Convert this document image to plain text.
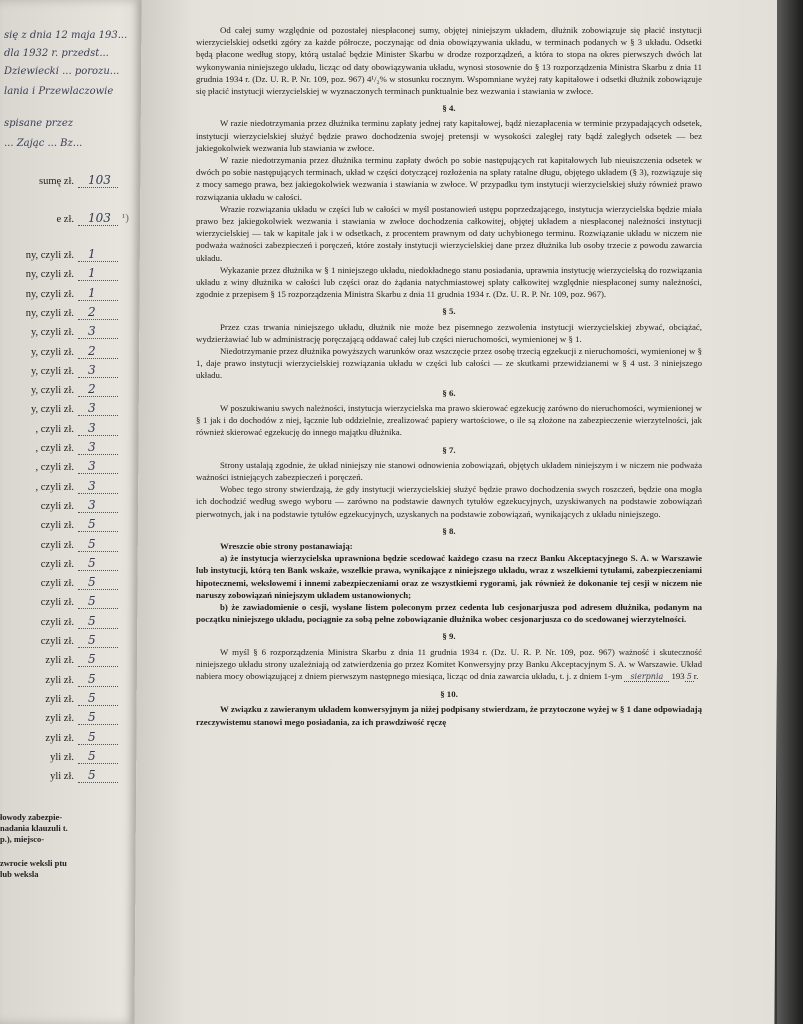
się z dnia 12 maja 193...
dla 1932 r. przedst...
Dziewiecki ... porozu...
lania i Przewlaczowie
spisane przez
... Zając ... Bz...
sumę zł. 103
e zł. 103 ¹)
ny, czyli zł. 1
ny, czyli zł. 1
ny, czyli zł. 1
ny, czyli zł. 2
y, czyli zł. 3
y, czyli zł. 2
y, czyli zł. 3
y, czyli zł. 2
y, czyli zł. 3
, czyli zł. 3
, czyli zł. 3
, czyli zł. 3
, czyli zł. 3
czyli zł. 3
czyli zł. 5
czyli zł. 5
czyli zł. 5
czyli zł. 5
czyli zł. 5
czyli zł. 5
czyli zł. 5
zyli zł. 5
zyli zł. 5
zyli zł. 5
zyli zł. 5
zyli zł. 5
yli zł. 5
yli zł. 5
łowody zabezpie- nadania klauzuli t. p.), miejsco-
zwrocie weksli ptu lub weksla

Od całej sumy względnie od pozostałej niespłaconej sumy, objętej niniejszym układem, dłużnik zobowiązuje się płacić instytucji wierzycielskiej odsetki zgóry za każde półrocze, poczynając od dnia obowiązywania układu, w terminach podanych w § 3 układu. Odsetki będą płacone według stopy, którą ustalać będzie Minister Skarbu w drodze rozporządzeń, a która to stopa na okres pierwszych dwóch lat wykonywania niniejszego układu, licząc od daty obowiązywania układu, wynosi stosownie do § 13 rozporządzenia Ministra Skarbu z dnia 11 grudnia 1934 r. (Dz. U. R. P. Nr. 109, poz. 967) 4¹/₂% w stosunku rocznym. Wspomniane wyżej raty kapitałowe i odsetki dłużnik zobowiązuje się płacić instytucji wierzycielskiej w wyznaczonych terminach punktualnie bez wezwania i stawiania w zwłoce.

§ 4.

W razie niedotrzymania przez dłużnika terminu zapłaty jednej raty kapitałowej, bądź niezapłacenia w terminie przypadających odsetek, instytucji wierzycielskiej służyć będzie prawo dochodzenia swojej pretensji w wysokości zaległej raty bądź zaległych odsetek — bez jakiegokolwiek wezwania lub stawiania w zwłoce.

W razie niedotrzymania przez dłużnika terminu zapłaty dwóch po sobie następujących rat kapitałowych lub nieuiszczenia odsetek w dwóch po sobie następujących terminach, układ w części dotyczącej rozłożenia na spłaty ratalne długu, objętego układem (§ 3), rozwiązuje się z mocy samego prawa, bez jakiegokolwiek wezwania i stawiania w zwłoce. W przypadku tym instytucji wierzycielskiej służy również prawo rozwiązania układu w całości.

Wrazie rozwiązania układu w części lub w całości w myśl postanowień ustępu poprzedzającego, instytucja wierzycielska będzie miała prawo bez jakiegokolwiek wezwania i stawiania w zwłoce dochodzenia całkowitej, objętej układem a niespłaconej należności instytucji wierzycielskiej — tak w kapitale jak i w odsetkach, z procentem prawnym od daty uchybionego terminu. Rozwiązanie układu w niczem nie podważa ważności zabezpieczeń i poręczeń, które zostały instytucji wierzycielskiej dane przez dłużnika lub osoby trzecie z powodu zawarcia układu.

Wykazanie przez dłużnika w § 1 niniejszego układu, niedokładnego stanu posiadania, uprawnia instytucję wierzycielską do rozwiązania układu z winy dłużnika w całości lub części oraz do żądania natychmiastowej spłaty całkowitej względnie niespłaconej sumy należności, zgodnie z przepisem § 15 rozporządzenia Ministra Skarbu z dnia 11 grudnia 1934 r. (Dz. U. R. P. Nr. 109, poz. 967).

§ 5.

Przez czas trwania niniejszego układu, dłużnik nie może bez pisemnego zezwolenia instytucji wierzycielskiej zbywać, obciążać, wydzierżawiać lub w administrację poręczającą oddawać całej lub części nieruchomości, wymienionej w § 1.

Niedotrzymanie przez dłużnika powyższych warunków oraz wszczęcie przez osobę trzecią egzekucji z nieruchomości, wymienionej w § 1, daje prawo instytucji wierzycielskiej rozwiązania układu w części lub całości — ze skutkami przewidzianemi w § 4 ust. 3 niniejszego układu.

§ 6.

W poszukiwaniu swych należności, instytucja wierzycielska ma prawo skierować egzekucję zarówno do nieruchomości, wymienionej w § 1 jak i do dochodów z niej, łącznie lub oddzielnie, zrealizować papiery wartościowe, o ile są złożone na zabezpieczenie wierzytelności, jak również skierować egzekucję do innego majątku dłużnika.

§ 7.

Strony ustalają zgodnie, że układ niniejszy nie stanowi odnowienia zobowiązań, objętych układem niniejszym i w niczem nie podważa ważności istniejących zabezpieczeń i poręczeń.

Wobec tego strony stwierdzają, że gdy instytucji wierzycielskiej służyć będzie prawo dochodzenia swych roszczeń, będzie ona mogła ich dochodzić według swego wyboru — zarówno na podstawie dawnych tytułów egzekucyjnych, uzyskiwanych na podstawie zobowiązań pierwotnych, jak i na podstawie tytułów egzekucyjnych, uzyskanych na podstawie zobowiązań, wynikających z układu niniejszego.

§ 8.

Wreszcie obie strony postanawiają:

a) że instytucja wierzycielska uprawniona będzie scedować każdego czasu na rzecz Banku Akceptacyjnego S. A. w Warszawie lub instytucji, którą ten Bank wskaże, wszelkie prawa, wynikające z niniejszego układu, wraz z wszelkiemi tytułami, zabezpieczeniami hipotecznemi, wekslowemi i innemi zabezpieczeniami oraz ze wszystkiemi rygorami, jak również że dokonanie tej cesji w niczem nie naruszy zobowiązań niniejszym układem ustanowionych;

b) że zawiadomienie o cesji, wysłane listem poleconym przez cedenta lub cesjonarjusza pod adresem dłużnika, podanym na początku niniejszego układu, pociągnie za sobą pełne zobowiązanie dłużnika wobec cesjonarjusza co do scedowanej wierzytelności.

§ 9.

W myśl § 6 rozporządzenia Ministra Skarbu z dnia 11 grudnia 1934 r. (Dz. U. R. P. Nr. 109, poz. 967) ważność i skuteczność niniejszego układu strony uzależniają od zatwierdzenia go przez Komitet Konwersyjny przy Banku Akceptacyjnym S. A. w Warszawie. Układ nabiera mocy obowiązującej z dniem pierwszym następnego miesiąca, licząc od dnia zawarcia układu, t. j. z dniem 1-ym sierpnia 193 5 r.

§ 10.

W związku z zawieranym układem konwersyjnym ja niżej podpisany stwierdzam, że przytoczone wyżej w § 1 dane odpowiadają rzeczywistemu stanowi mego posiadania, za ich prawdziwość ręczę
